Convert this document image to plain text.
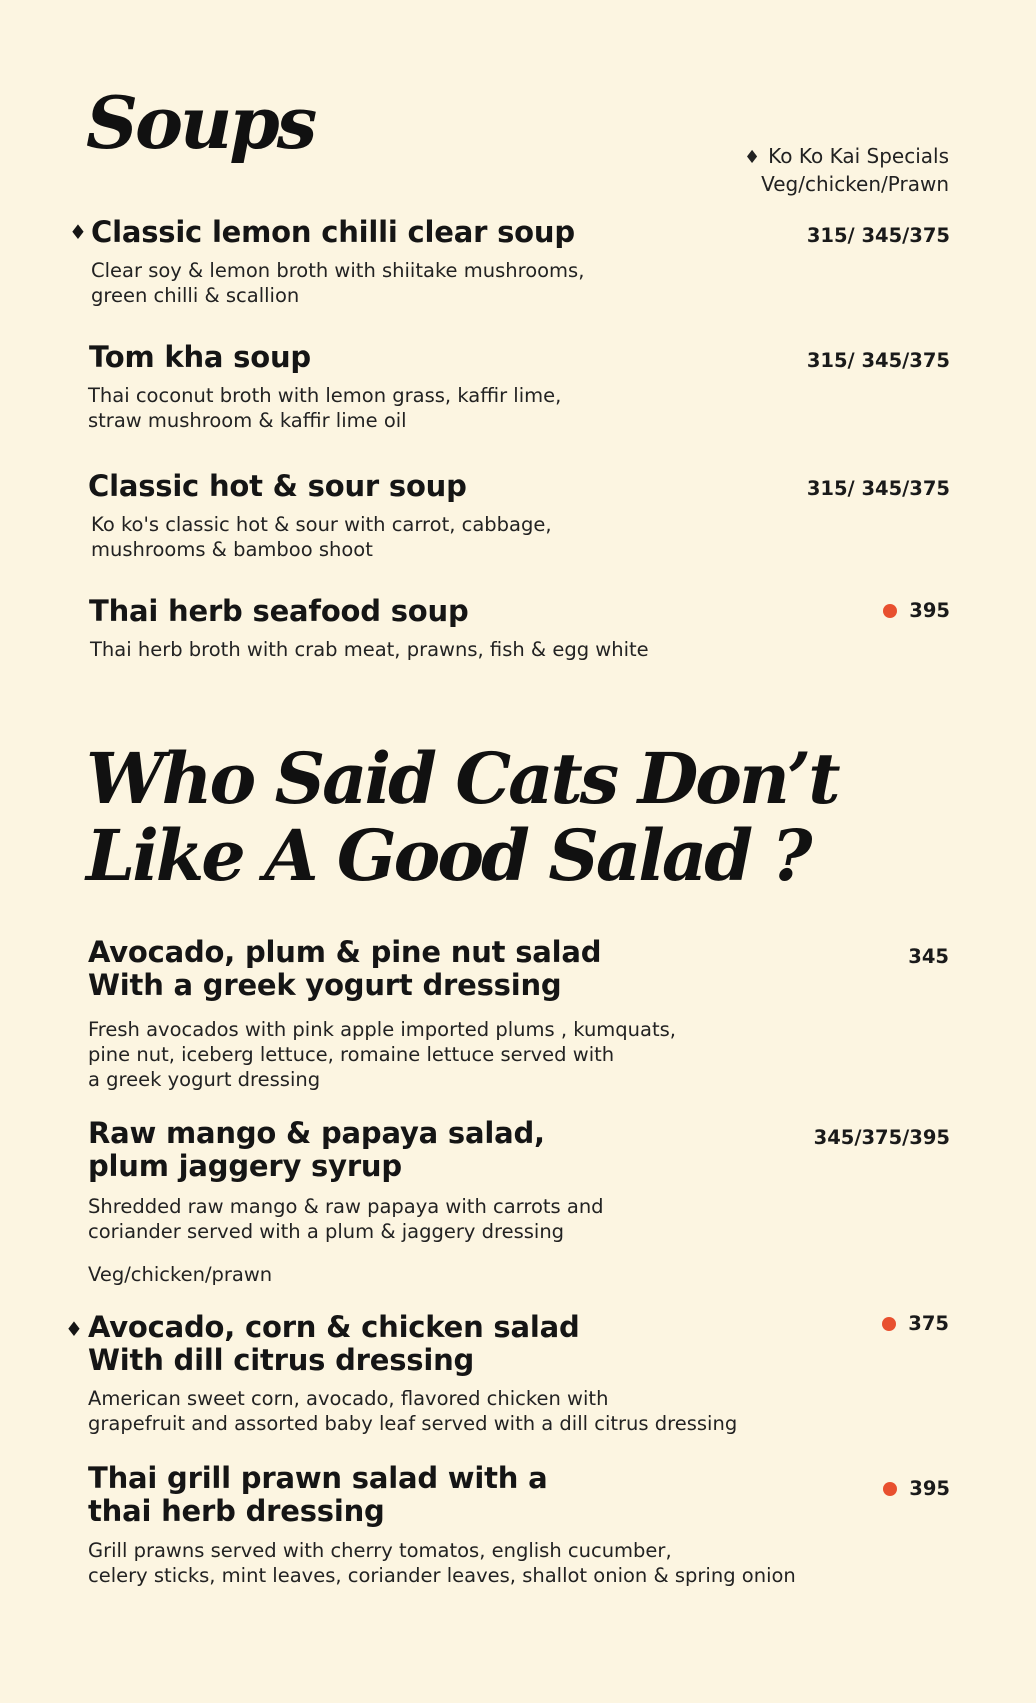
Soups	♦ Ko Ko Kai Specials
Veg/chicken/Prawn
♦ Classic lemon chilli clear soup
Clear soy & lemon broth with shiitake mushrooms,
green chilli & scallion
315/ 345/375
Tom kha soup
Thai coconut broth with lemon grass, kaffir lime,
straw mushroom & kaffir lime oil
315/ 345/375
Classic hot & sour soup
Ko ko's classic hot & sour with carrot, cabbage,
mushrooms & bamboo shoot
315/ 345/375
Thai herb seafood soup
Thai herb broth with crab meat, prawns, fish & egg white
395
Who Said Cats Don’t
Like A Good Salad ?
Avocado, plum & pine nut salad
With a greek yogurt dressing
Fresh avocados with pink apple imported plums , kumquats,
pine nut, iceberg lettuce, romaine lettuce served with
a greek yogurt dressing
345
Raw mango & papaya salad,
plum jaggery syrup
Shredded raw mango & raw papaya with carrots and
coriander served with a plum & jaggery dressing
Veg/chicken/prawn
345/375/395
♦ Avocado, corn & chicken salad
With dill citrus dressing
American sweet corn, avocado, flavored chicken with
grapefruit and assorted baby leaf served with a dill citrus dressing
375
Thai grill prawn salad with a
thai herb dressing
Grill prawns served with cherry tomatos, english cucumber,
celery sticks, mint leaves, coriander leaves, shallot onion & spring onion
395
